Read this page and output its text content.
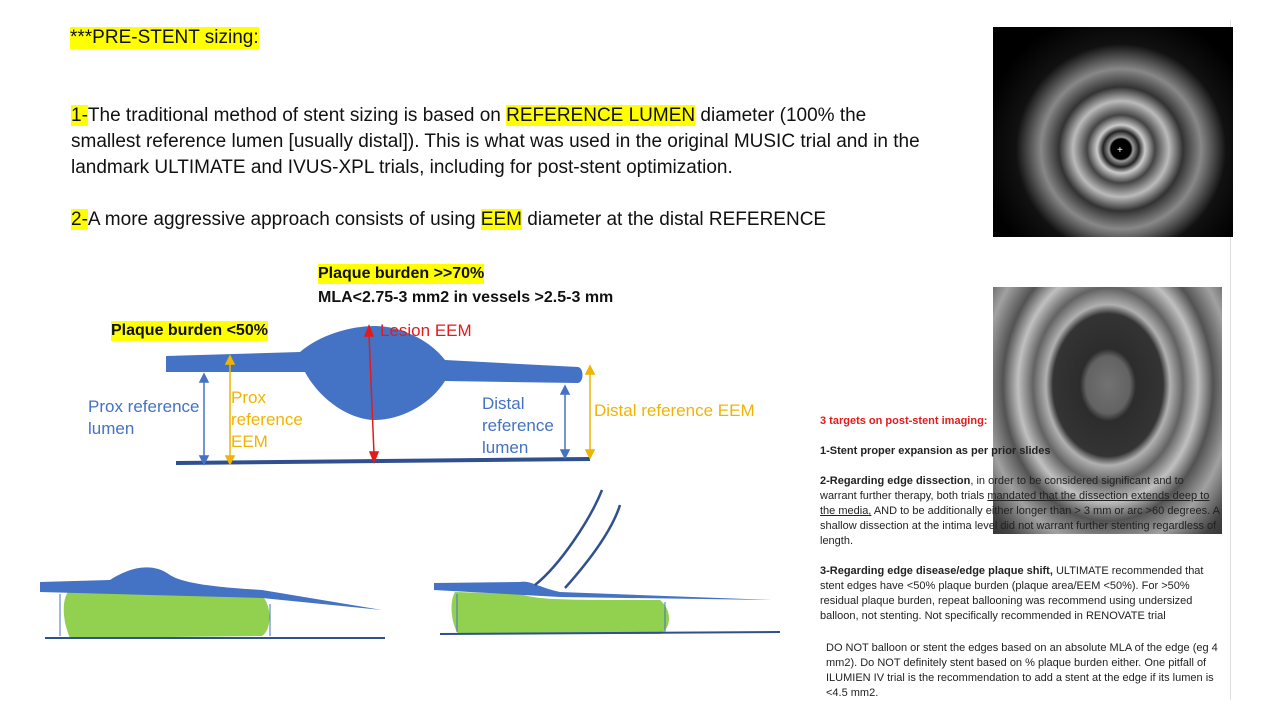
***PRE-STENT sizing:
1-The traditional method of stent sizing is based on REFERENCE LUMEN diameter (100% the smallest reference lumen [usually distal]). This is what was used in the original MUSIC trial and in the landmark ULTIMATE and IVUS-XPL trials, including for post-stent optimization.
2-A more aggressive approach consists of using EEM diameter at the distal REFERENCE
Plaque burden >>70%
MLA<2.75-3 mm2 in vessels >2.5-3 mm
Plaque burden <50%	Lesion EEM
Prox reference lumen
Prox reference EEM
Distal reference lumen
Distal reference EEM
+
3 targets on post-stent imaging:
1-Stent proper expansion as per prior slides
2-Regarding edge dissection, in order to be considered significant and to warrant further therapy, both trials mandated that the dissection extends deep to the media, AND to be additionally either longer than > 3 mm or arc >60 degrees. A shallow dissection at the intima level did not warrant further stenting regardless of length.
3-Regarding edge disease/edge plaque shift, ULTIMATE recommended that stent edges have <50% plaque burden (plaque area/EEM <50%). For >50% residual plaque burden, repeat ballooning was recommend using undersized balloon, not stenting. Not specifically recommended in RENOVATE trial
DO NOT balloon or stent the edges based on an absolute MLA of the edge (eg 4 mm2). Do NOT definitely stent based on % plaque burden either. One pitfall of ILUMIEN IV trial is the recommendation to add a stent at the edge if its lumen is <4.5 mm2.
